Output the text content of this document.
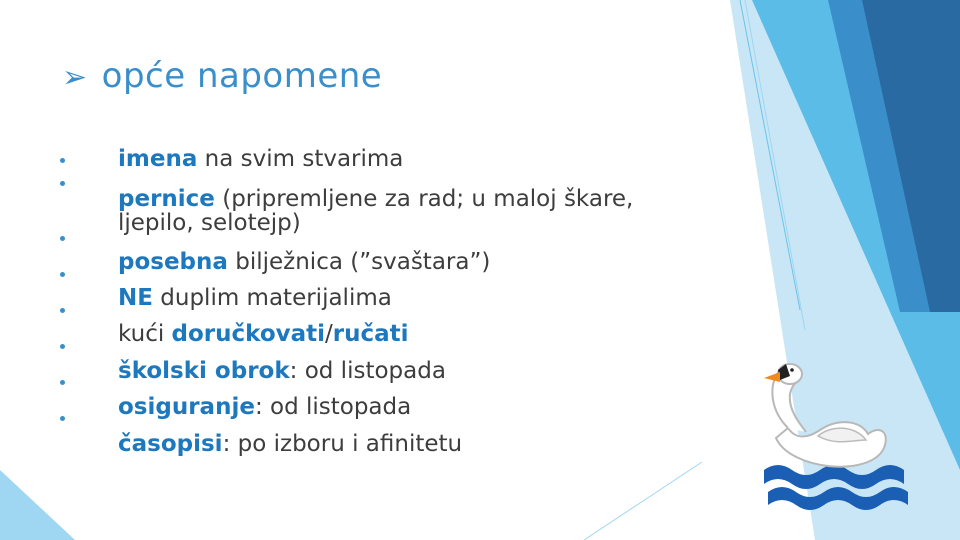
➢ opće napomene
imena na svim stvarima
pernice (pripremljene za rad; u maloj škare,
ljepilo, selotejp)
posebna bilježnica (”svaštara”)
NE duplim materijalima
kući doručkovati/ručati
školski obrok: od listopada
osiguranje: od listopada
časopisi: po izboru i afinitetu
